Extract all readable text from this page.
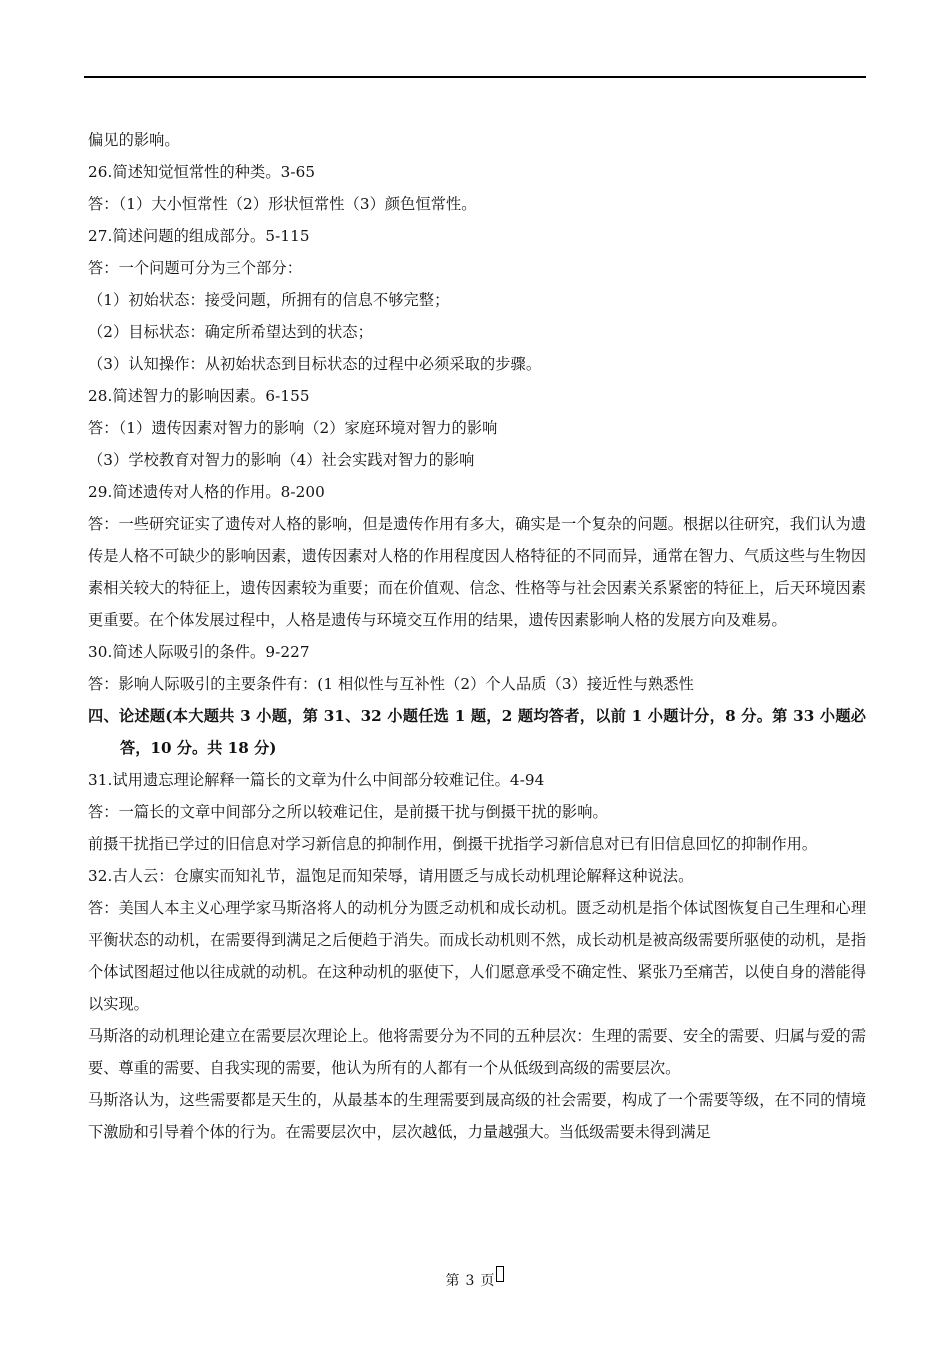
偏见的影响。
26.简述知觉恒常性的种类。3-65
答：（1）大小恒常性（2）形状恒常性（3）颜色恒常性。
27.简述问题的组成部分。5-115
答：一个问题可分为三个部分：
（1）初始状态：接受问题，所拥有的信息不够完整；
（2）目标状态：确定所希望达到的状态；
（3）认知操作：从初始状态到目标状态的过程中必须采取的步骤。
28.简述智力的影响因素。6-155
答：（1）遗传因素对智力的影响（2）家庭环境对智力的影响
（3）学校教育对智力的影响（4）社会实践对智力的影响
29.简述遗传对人格的作用。8-200
答：一些研究证实了遗传对人格的影响，但是遗传作用有多大，确实是一个复杂的问题。根据以往研究，我们认为遗传是人格不可缺少的影响因素，遗传因素对人格的作用程度因人格特征的不同而异，通常在智力、气质这些与生物因素相关较大的特征上，遗传因素较为重要；而在价值观、信念、性格等与社会因素关系紧密的特征上，后天环境因素更重要。在个体发展过程中，人格是遗传与环境交互作用的结果，遗传因素影响人格的发展方向及难易。
30.简述人际吸引的条件。9-227
答：影响人际吸引的主要条件有：(1 相似性与互补性（2）个人品质（3）接近性与熟悉性
四、论述题(本大题共 3 小题，第 31、32 小题任选 1 题，2 题均答者，以前 1 小题计分，8 分。第 33 小题必答，10 分。共 18 分)
31.试用遗忘理论解释一篇长的文章为什么中间部分较难记住。4-94
答：一篇长的文章中间部分之所以较难记住，是前摄干扰与倒摄干扰的影响。
前摄干扰指已学过的旧信息对学习新信息的抑制作用，倒摄干扰指学习新信息对已有旧信息回忆的抑制作用。
32.古人云：仓廪实而知礼节，温饱足而知荣辱，请用匮乏与成长动机理论解释这种说法。
答：美国人本主义心理学家马斯洛将人的动机分为匮乏动机和成长动机。匮乏动机是指个体试图恢复自己生理和心理平衡状态的动机，在需要得到满足之后便趋于消失。而成长动机则不然，成长动机是被高级需要所驱使的动机，是指个体试图超过他以往成就的动机。在这种动机的驱使下，人们愿意承受不确定性、紧张乃至痛苦，以使自身的潜能得以实现。
马斯洛的动机理论建立在需要层次理论上。他将需要分为不同的五种层次：生理的需要、安全的需要、归属与爱的需要、尊重的需要、自我实现的需要，他认为所有的人都有一个从低级到高级的需要层次。
马斯洛认为，这些需要都是天生的，从最基本的生理需要到晟高级的社会需要，构成了一个需要等级，在不同的情境下激励和引导着个体的行为。在需要层次中，层次越低，力量越强大。当低级需要未得到满足
第 3 页
